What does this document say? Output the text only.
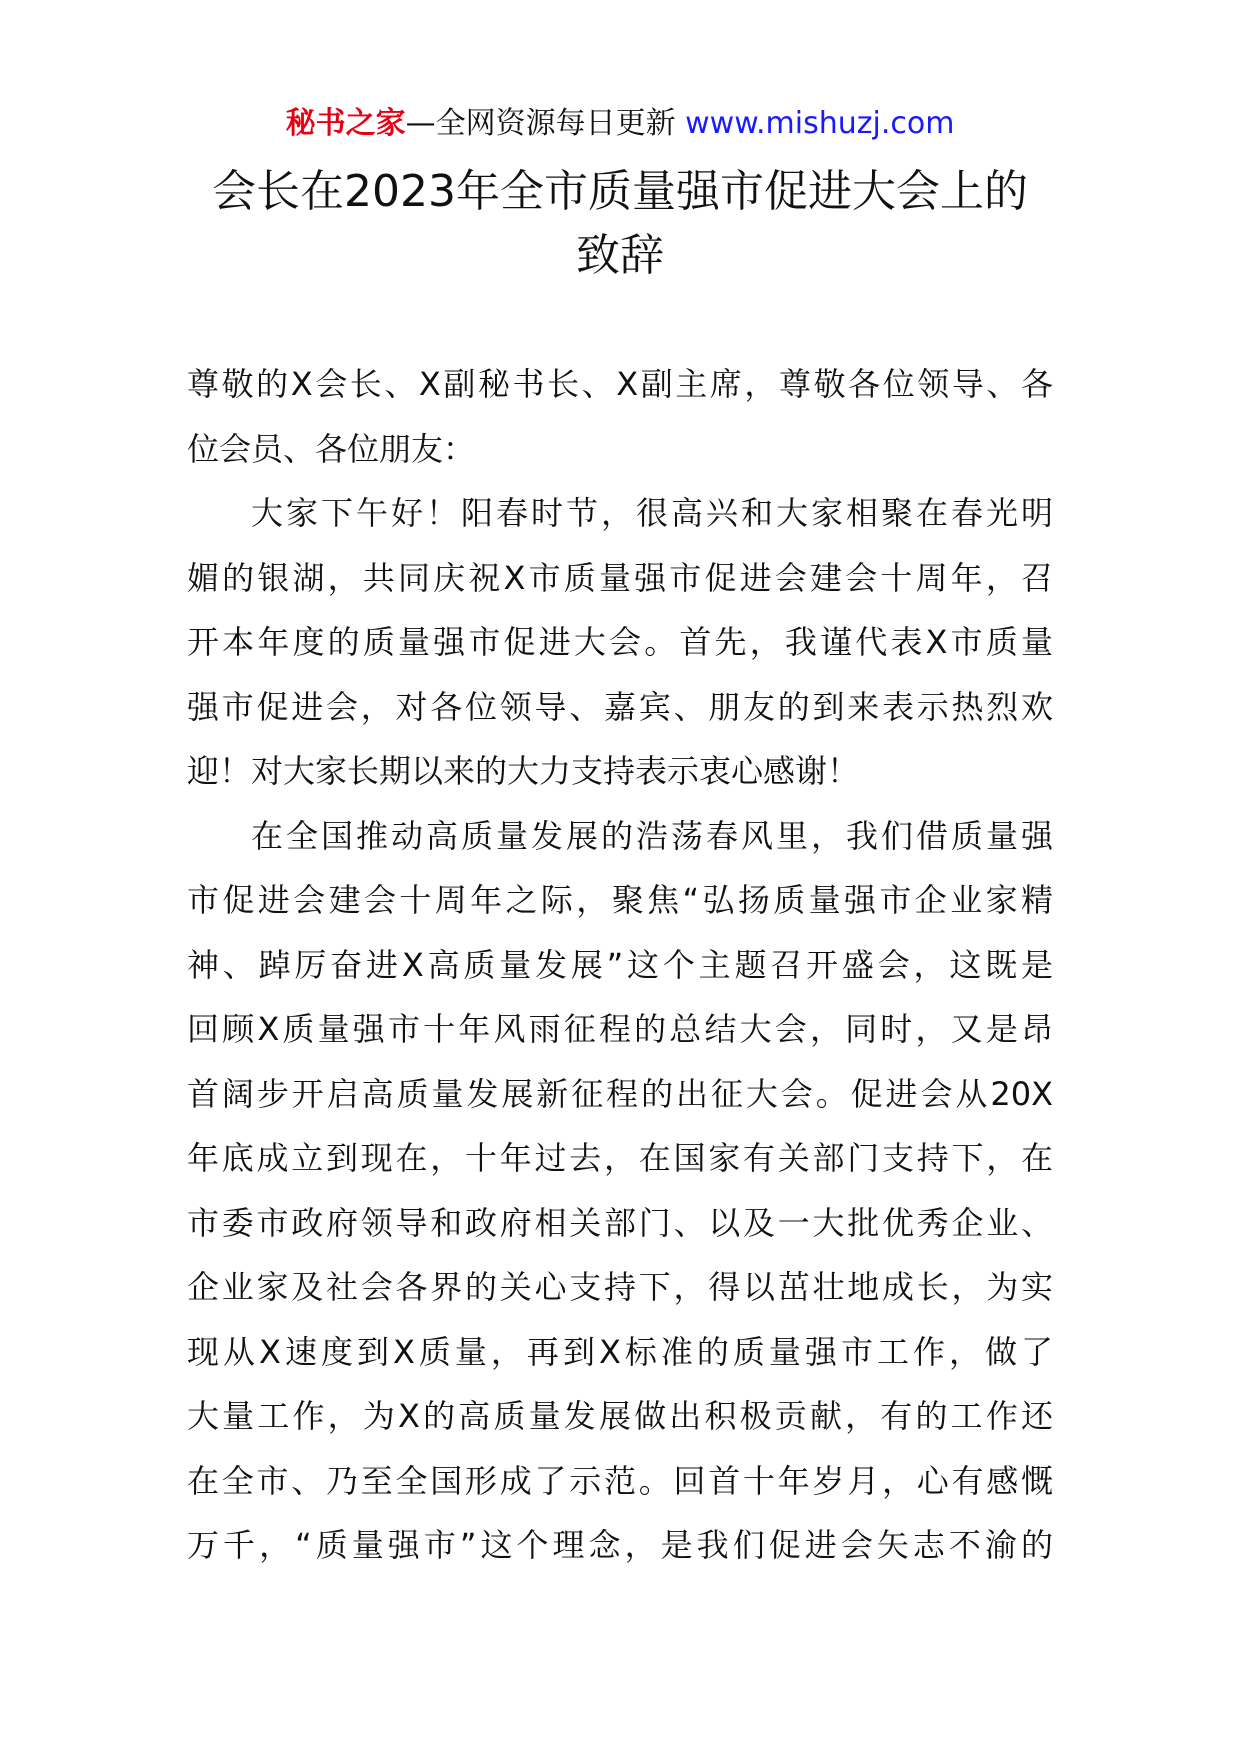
秘书之家—全网资源每日更新 www.mishuzj.com
会长在2023年全市质量强市促进大会上的
致辞
尊敬的X会长、X副秘书长、X副主席，尊敬各位领导、各
位会员、各位朋友：
大家下午好！阳春时节，很高兴和大家相聚在春光明
媚的银湖，共同庆祝X市质量强市促进会建会十周年，召
开本年度的质量强市促进大会。首先，我谨代表X市质量
强市促进会，对各位领导、嘉宾、朋友的到来表示热烈欢
迎！对大家长期以来的大力支持表示衷心感谢！
在全国推动高质量发展的浩荡春风里，我们借质量强
市促进会建会十周年之际，聚焦“弘扬质量强市企业家精
神、踔厉奋进X高质量发展”这个主题召开盛会，这既是
回顾X质量强市十年风雨征程的总结大会，同时，又是昂
首阔步开启高质量发展新征程的出征大会。促进会从20X
年底成立到现在，十年过去，在国家有关部门支持下，在
市委市政府领导和政府相关部门、以及一大批优秀企业、
企业家及社会各界的关心支持下，得以茁壮地成长，为实
现从X速度到X质量，再到X标准的质量强市工作，做了
大量工作，为X的高质量发展做出积极贡献，有的工作还
在全市、乃至全国形成了示范。回首十年岁月，心有感慨
万千，“质量强市”这个理念，是我们促进会矢志不渝的
